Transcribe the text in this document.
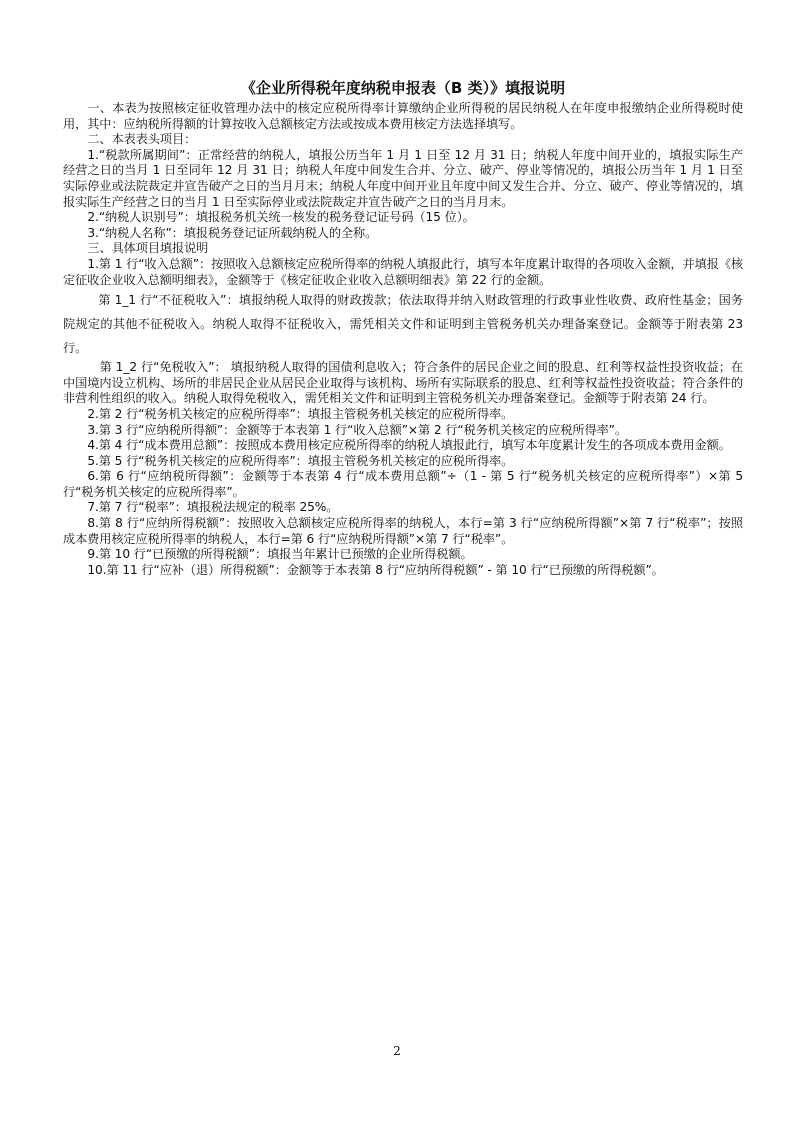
《企业所得税年度纳税申报表（B 类）》填报说明

一、本表为按照核定征收管理办法中的核定应税所得率计算缴纳企业所得税的居民纳税人在年度申报缴纳企业所得税时使用，其中：应纳税所得额的计算按收入总额核定方法或按成本费用核定方法选择填写。

二、本表表头项目：

1.“税款所属期间”：正常经营的纳税人，填报公历当年 1 月 1 日至 12 月 31 日；纳税人年度中间开业的，填报实际生产经营之日的当月 1 日至同年 12 月 31 日；纳税人年度中间发生合并、分立、破产、停业等情况的，填报公历当年 1 月 1 日至实际停业或法院裁定并宣告破产之日的当月月末；纳税人年度中间开业且年度中间又发生合并、分立、破产、停业等情况的，填报实际生产经营之日的当月 1 日至实际停业或法院裁定并宣告破产之日的当月月末。

2.“纳税人识别号”：填报税务机关统一核发的税务登记证号码（15 位）。

3.“纳税人名称”：填报税务登记证所载纳税人的全称。

三、具体项目填报说明

1.第 1 行“收入总额”：按照收入总额核定应税所得率的纳税人填报此行，填写本年度累计取得的各项收入金额，并填报《核定征收企业收入总额明细表》，金额等于《核定征收企业收入总额明细表》第 22 行的金额。

第 1_1 行“不征税收入”：填报纳税人取得的财政拨款；依法取得并纳入财政管理的行政事业性收费、政府性基金；国务院规定的其他不征税收入。纳税人取得不征税收入，需凭相关文件和证明到主管税务机关办理备案登记。金额等于附表第 23 行。

第 1_2 行“免税收入”： 填报纳税人取得的国债利息收入；符合条件的居民企业之间的股息、红利等权益性投资收益；在中国境内设立机构、场所的非居民企业从居民企业取得与该机构、场所有实际联系的股息、红利等权益性投资收益；符合条件的非营利性组织的收入。纳税人取得免税收入，需凭相关文件和证明到主管税务机关办理备案登记。金额等于附表第 24 行。

2.第 2 行“税务机关核定的应税所得率”：填报主管税务机关核定的应税所得率。

3.第 3 行“应纳税所得额”：金额等于本表第 1 行“收入总额”×第 2 行“税务机关核定的应税所得率”。

4.第 4 行“成本费用总额”：按照成本费用核定应税所得率的纳税人填报此行，填写本年度累计发生的各项成本费用金额。

5.第 5 行“税务机关核定的应税所得率”：填报主管税务机关核定的应税所得率。

6.第 6 行“应纳税所得额”：金额等于本表第 4 行“成本费用总额”÷（1 - 第 5 行“税务机关核定的应税所得率”）×第 5 行“税务机关核定的应税所得率”。

7.第 7 行“税率”：填报税法规定的税率 25%。

8.第 8 行“应纳所得税额”：按照收入总额核定应税所得率的纳税人，本行=第 3 行“应纳税所得额”×第 7 行“税率”；按照成本费用核定应税所得率的纳税人，本行=第 6 行“应纳税所得额”×第 7 行“税率”。

9.第 10 行“已预缴的所得税额”：填报当年累计已预缴的企业所得税额。

10.第 11 行“应补（退）所得税额”：金额等于本表第 8 行“应纳所得税额” - 第 10 行“已预缴的所得税额”。

2
